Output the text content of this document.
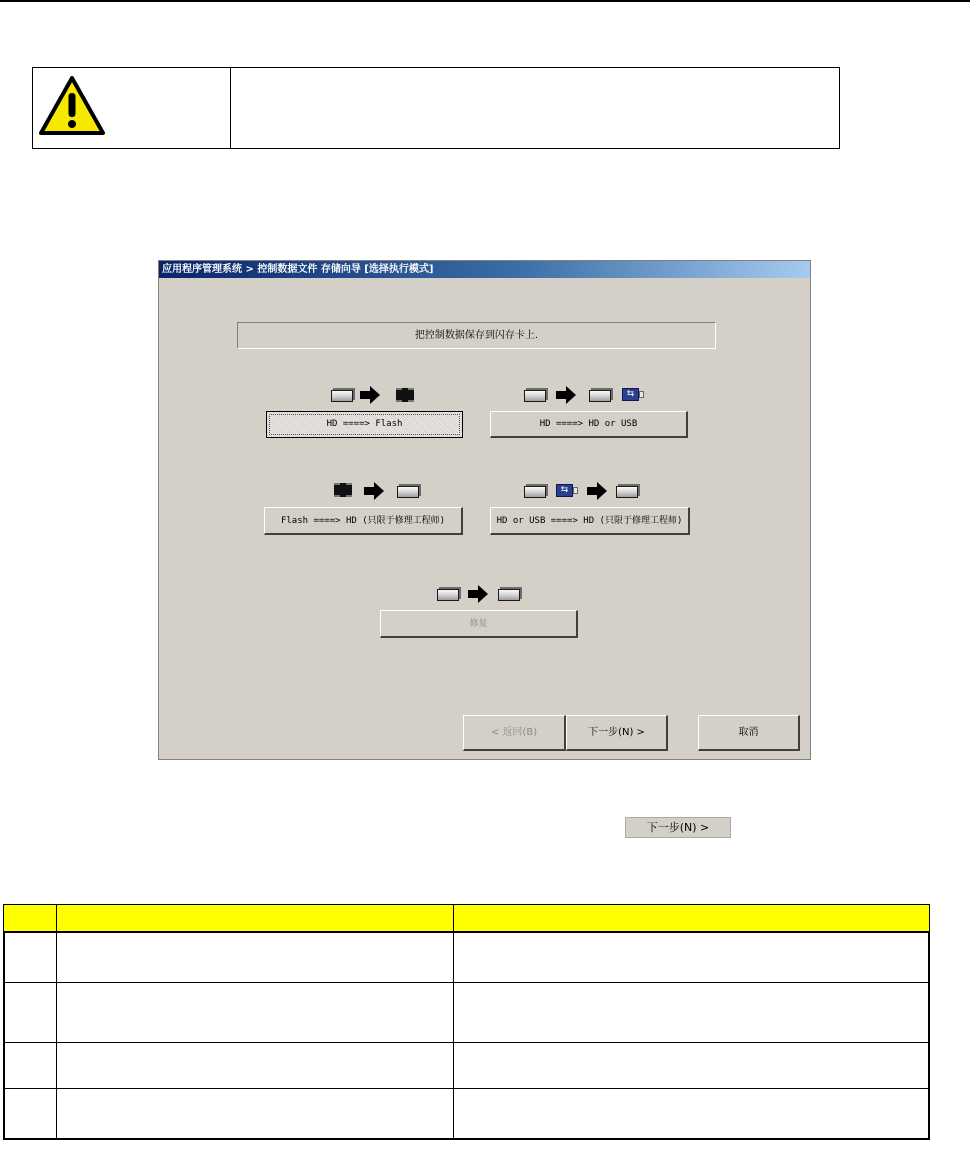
应用程序管理系统 > 控制数据文件 存储向导 [选择执行模式]
把控制数据保存到闪存卡上.
HD ====> Flash
⇆
HD ====> HD or USB
Flash ====> HD (只限于修理工程师)
⇆
HD or USB ====> HD (只限于修理工程师)
修复
< 返回(B)	下一步(N) >	取消
下一步(N) >
